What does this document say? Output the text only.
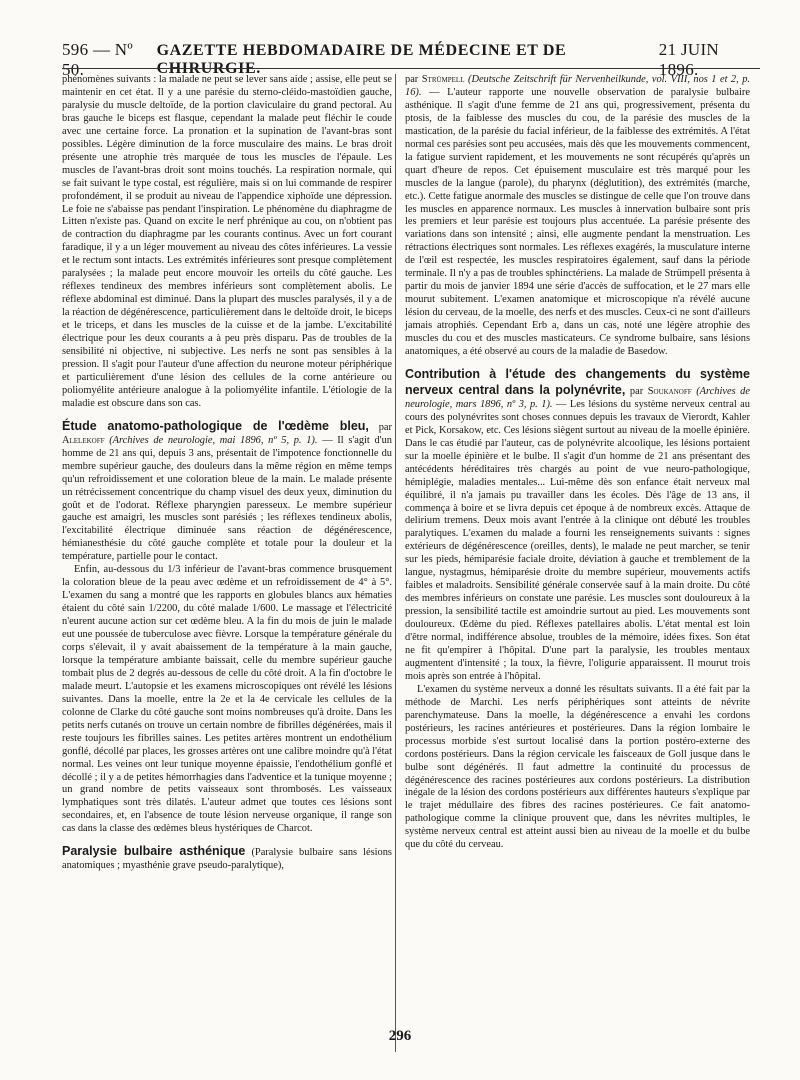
596 — Nº 50.
GAZETTE HEBDOMADAIRE DE MÉDECINE ET DE CHIRURGIE.
21 JUIN 1896.

phénomènes suivants : la malade ne peut se lever sans aide ; assise, elle peut se maintenir en cet état. Il y a une parésie du sterno-cléido-mastoïdien gauche, paralysie du muscle deltoïde, de la portion claviculaire du grand pectoral. Au bras gauche le biceps est flasque, cependant la malade peut fléchir le coude avec une certaine force. La pronation et la supination de l'avant-bras sont possibles. Légère diminution de la force musculaire des mains. Le bras droit présente une atrophie très marquée de tous les muscles de l'épaule. Les muscles de l'avant-bras droit sont moins touchés. La respiration normale, qui se fait suivant le type costal, est régulière, mais si on lui commande de respirer profondément, il se produit au niveau de l'appendice xiphoïde une dépression. Le foie ne s'abaisse pas pendant l'inspiration. Le phénomène du diaphragme de Litten n'existe pas. Quand on excite le nerf phrénique au cou, on n'obtient pas de contraction du diaphragme par les courants continus. Avec un fort courant faradique, il y a un léger mouvement au niveau des côtes inférieures. La vessie et le rectum sont intacts. Les extrémités inférieures sont presque complètement paralysées ; la malade peut encore mouvoir les orteils du côté gauche. Les réflexes tendineux des membres inférieurs sont complètement abolis. Le réflexe abdominal est diminué. Dans la plupart des muscles paralysés, il y a de la réaction de dégénérescence, particulièrement dans le deltoïde droit, le biceps et le triceps, et dans les muscles de la cuisse et de la jambe. L'excitabilité électrique pour les deux courants a à peu près disparu. Pas de troubles de la sensibilité ni objective, ni subjective. Les nerfs ne sont pas sensibles à la pression. Il s'agit pour l'auteur d'une affection du neurone moteur périphérique et particulièrement d'une lésion des cellules de la corne antérieure ou poliomyélite antérieure analogue à la poliomyélite infantile. L'étiologie de la maladie est obscure dans son cas.

Étude anatomo-pathologique de l'œdème bleu, par Alelekoff (Archives de neurologie, mai 1896, nº 5, p. 1). — Il s'agit d'un homme de 21 ans qui, depuis 3 ans, présentait de l'impotence fonctionnelle du membre supérieur gauche, des douleurs dans la même région en même temps qu'un refroidissement et une coloration bleue de la main. Le malade présente un rétrécissement concentrique du champ visuel des deux yeux, diminution du goût et de l'odorat. Réflexe pharyngien paresseux. Le membre supérieur gauche est amaigri, les muscles sont parésiés ; les réflexes tendineux abolis, l'excitabilité électrique diminuée sans réaction de dégénérescence, hémianesthésie du côté gauche complète et totale pour la douleur et la température, partielle pour le contact.

Enfin, au-dessous du 1/3 inférieur de l'avant-bras commence brusquement la coloration bleue de la peau avec œdème et un refroidissement de 4° à 5°. L'examen du sang a montré que les rapports en globules blancs aux hématies étaient du côté sain 1/2200, du côté malade 1/600. Le massage et l'électricité n'eurent aucune action sur cet œdème bleu. A la fin du mois de juin le malade eut une poussée de tuberculose avec fièvre. Lorsque la température générale du corps s'élevait, il y avait abaissement de la température à la main gauche, lorsque la température ambiante baissait, celle du membre supérieur gauche tombait plus de 2 degrés au-dessous de celle du côté droit. A la fin d'octobre le malade meurt. L'autopsie et les examens microscopiques ont révélé les lésions suivantes. Dans la moelle, entre la 2e et la 4e cervicale les cellules de la colonne de Clarke du côté gauche sont moins nombreuses qu'à droite. Dans les petits nerfs cutanés on trouve un certain nombre de fibrilles dégénérées, mais il reste toujours les fibrilles saines. Les petites artères montrent un endothélium gonflé, décollé par places, les grosses artères ont une calibre moindre qu'à l'état normal. Les veines ont leur tunique moyenne épaissie, l'endothélium gonflé et décollé ; il y a de petites hémorrhagies dans l'adventice et la tunique moyenne ; un grand nombre de petits vaisseaux sont thrombosés. Les vaisseaux lymphatiques sont très dilatés. L'auteur admet que toutes ces lésions sont secondaires, et, en l'absence de toute lésion nerveuse organique, il range son cas dans la classe des œdèmes bleus hystériques de Charcot.

Paralysie bulbaire asthénique (Paralysie bulbaire sans lésions anatomiques ; myasthénie grave pseudo-paralytique),

par Strümpell (Deutsche Zeitschrift für Nervenheilkunde, vol. VIII, nos 1 et 2, p. 16). — L'auteur rapporte une nouvelle observation de paralysie bulbaire asthénique. Il s'agit d'une femme de 21 ans qui, progressivement, présenta du ptosis, de la faiblesse des muscles du cou, de la parésie des muscles de la mastication, de la parésie du facial inférieur, de la faiblesse des extrémités. A l'état normal ces parésies sont peu accusées, mais dès que les mouvements commencent, la fatigue survient rapidement, et les mouvements ne sont récupérés qu'après un quart d'heure de repos. Cet épuisement musculaire est très marqué pour les muscles de la langue (parole), du pharynx (déglutition), des extrémités (marche, etc.). Cette fatigue anormale des muscles se distingue de celle que l'on trouve dans les muscles en apparence normaux. Les muscles à innervation bulbaire sont pris les premiers et leur parésie est toujours plus accentuée. La parésie présente des variations dans son intensité ; ainsi, elle augmente pendant la menstruation. Les rétractions électriques sont normales. Les réflexes exagérés, la musculature interne de l'œil est respectée, les muscles respiratoires également, sauf dans la période terminale. Il n'y a pas de troubles sphinctériens. La malade de Strümpell présenta à partir du mois de janvier 1894 une série d'accès de suffocation, et le 27 mars elle mourut subitement. L'examen anatomique et microscopique n'a révélé aucune lésion du cerveau, de la moelle, des nerfs et des muscles. Ceux-ci ne sont d'ailleurs jamais atrophiés. Cependant Erb a, dans un cas, noté une légère atrophie des muscles du cou et des muscles masticateurs. Ce syndrome bulbaire, sans lésions anatomiques, a été observé au cours de la maladie de Basedow.

Contribution à l'étude des changements du système nerveux central dans la polynévrite, par Soukanoff (Archives de neurologie, mars 1896, nº 3, p. 1). — Les lésions du système nerveux central au cours des polynévrites sont choses connues depuis les travaux de Vierordt, Kahler et Pick, Korsakow, etc. Ces lésions siègent surtout au niveau de la moelle épinière. Dans le cas étudié par l'auteur, cas de polynévrite alcoolique, les lésions portaient sur la moelle épinière et le bulbe. Il s'agit d'un homme de 21 ans présentant des antécédents héréditaires très chargés au point de vue neuro-pathologique, hémiplégie, maladies mentales... Lui-même dès son enfance était nerveux mal équilibré, il n'a jamais pu travailler dans les écoles. Dès l'âge de 13 ans, il commença à boire et se livra depuis cet époque à de nombreux excès. Attaque de delirium tremens. Deux mois avant l'entrée à la clinique ont débuté les troubles paralytiques. L'examen du malade a fourni les renseignements suivants : signes extérieurs de dégénérescence (oreilles, dents), le malade ne peut marcher, se tenir sur les pieds, hémiparésie faciale droite, déviation à gauche et tremblement de la langue, nystagmus, hémiparésie droite du membre supérieur, mouvements actifs faibles et maladroits. Sensibilité générale conservée sauf à la main droite. Du côté des membres inférieurs on constate une parésie. Les muscles sont douloureux à la pression, la sensibilité tactile est amoindrie surtout au pied. Les mouvements sont douloureux. Œdème du pied. Réflexes patellaires abolis. L'état mental est loin d'être normal, indifférence absolue, troubles de la mémoire, idées fixes. Son état ne fit qu'empirer à l'hôpital. D'une part la paralysie, les troubles mentaux augmentent d'intensité ; la toux, la fièvre, l'oligurie apparaissent. Il mourut trois mois après son entrée à l'hôpital.

L'examen du système nerveux a donné les résultats suivants. Il a été fait par la méthode de Marchi. Les nerfs périphériques sont atteints de névrite parenchymateuse. Dans la moelle, la dégénérescence a envahi les cordons postérieurs, les racines antérieures et postérieures. Dans la région lombaire le processus morbide s'est surtout localisé dans la portion postéro-externe des cordons postérieurs. Dans la région cervicale les faisceaux de Goll jusque dans le bulbe sont dégénérés. Il faut admettre la continuité du processus de dégénérescence des racines postérieures aux cordons postérieurs. La distribution inégale de la lésion des cordons postérieurs aux différentes hauteurs s'explique par le trajet médullaire des fibres des racines postérieures. Ce fait anatomo-pathologique comme la clinique prouvent que, dans les névrites multiples, le système nerveux central est atteint aussi bien au niveau de la moelle et du bulbe que du côté du cerveau.

296
